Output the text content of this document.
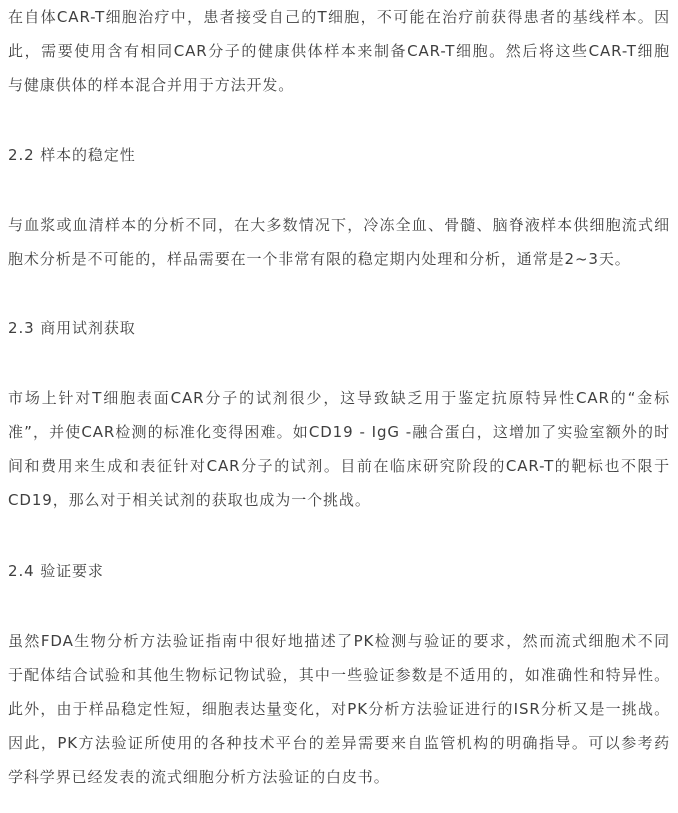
在自体CAR-T细胞治疗中，患者接受自己的T细胞，不可能在治疗前获得患者的基线样本。因
此，需要使用含有相同CAR分子的健康供体样本来制备CAR-T细胞。然后将这些CAR-T细胞
与健康供体的样本混合并用于方法开发。
2.2 样本的稳定性
与血浆或血清样本的分析不同，在大多数情况下，冷冻全血、骨髓、脑脊液样本供细胞流式细
胞术分析是不可能的，样品需要在一个非常有限的稳定期内处理和分析，通常是2~3天。
2.3 商用试剂获取
市场上针对T细胞表面CAR分子的试剂很少，这导致缺乏用于鉴定抗原特异性CAR的“金标
准”，并使CAR检测的标准化变得困难。如CD19 - IgG -融合蛋白，这增加了实验室额外的时
间和费用来生成和表征针对CAR分子的试剂。目前在临床研究阶段的CAR-T的靶标也不限于
CD19，那么对于相关试剂的获取也成为一个挑战。
2.4 验证要求
虽然FDA生物分析方法验证指南中很好地描述了PK检测与验证的要求，然而流式细胞术不同
于配体结合试验和其他生物标记物试验，其中一些验证参数是不适用的，如准确性和特异性。
此外，由于样品稳定性短，细胞表达量变化，对PK分析方法验证进行的ISR分析又是一挑战。
因此，PK方法验证所使用的各种技术平台的差异需要来自监管机构的明确指导。可以参考药
学科学界已经发表的流式细胞分析方法验证的白皮书。
